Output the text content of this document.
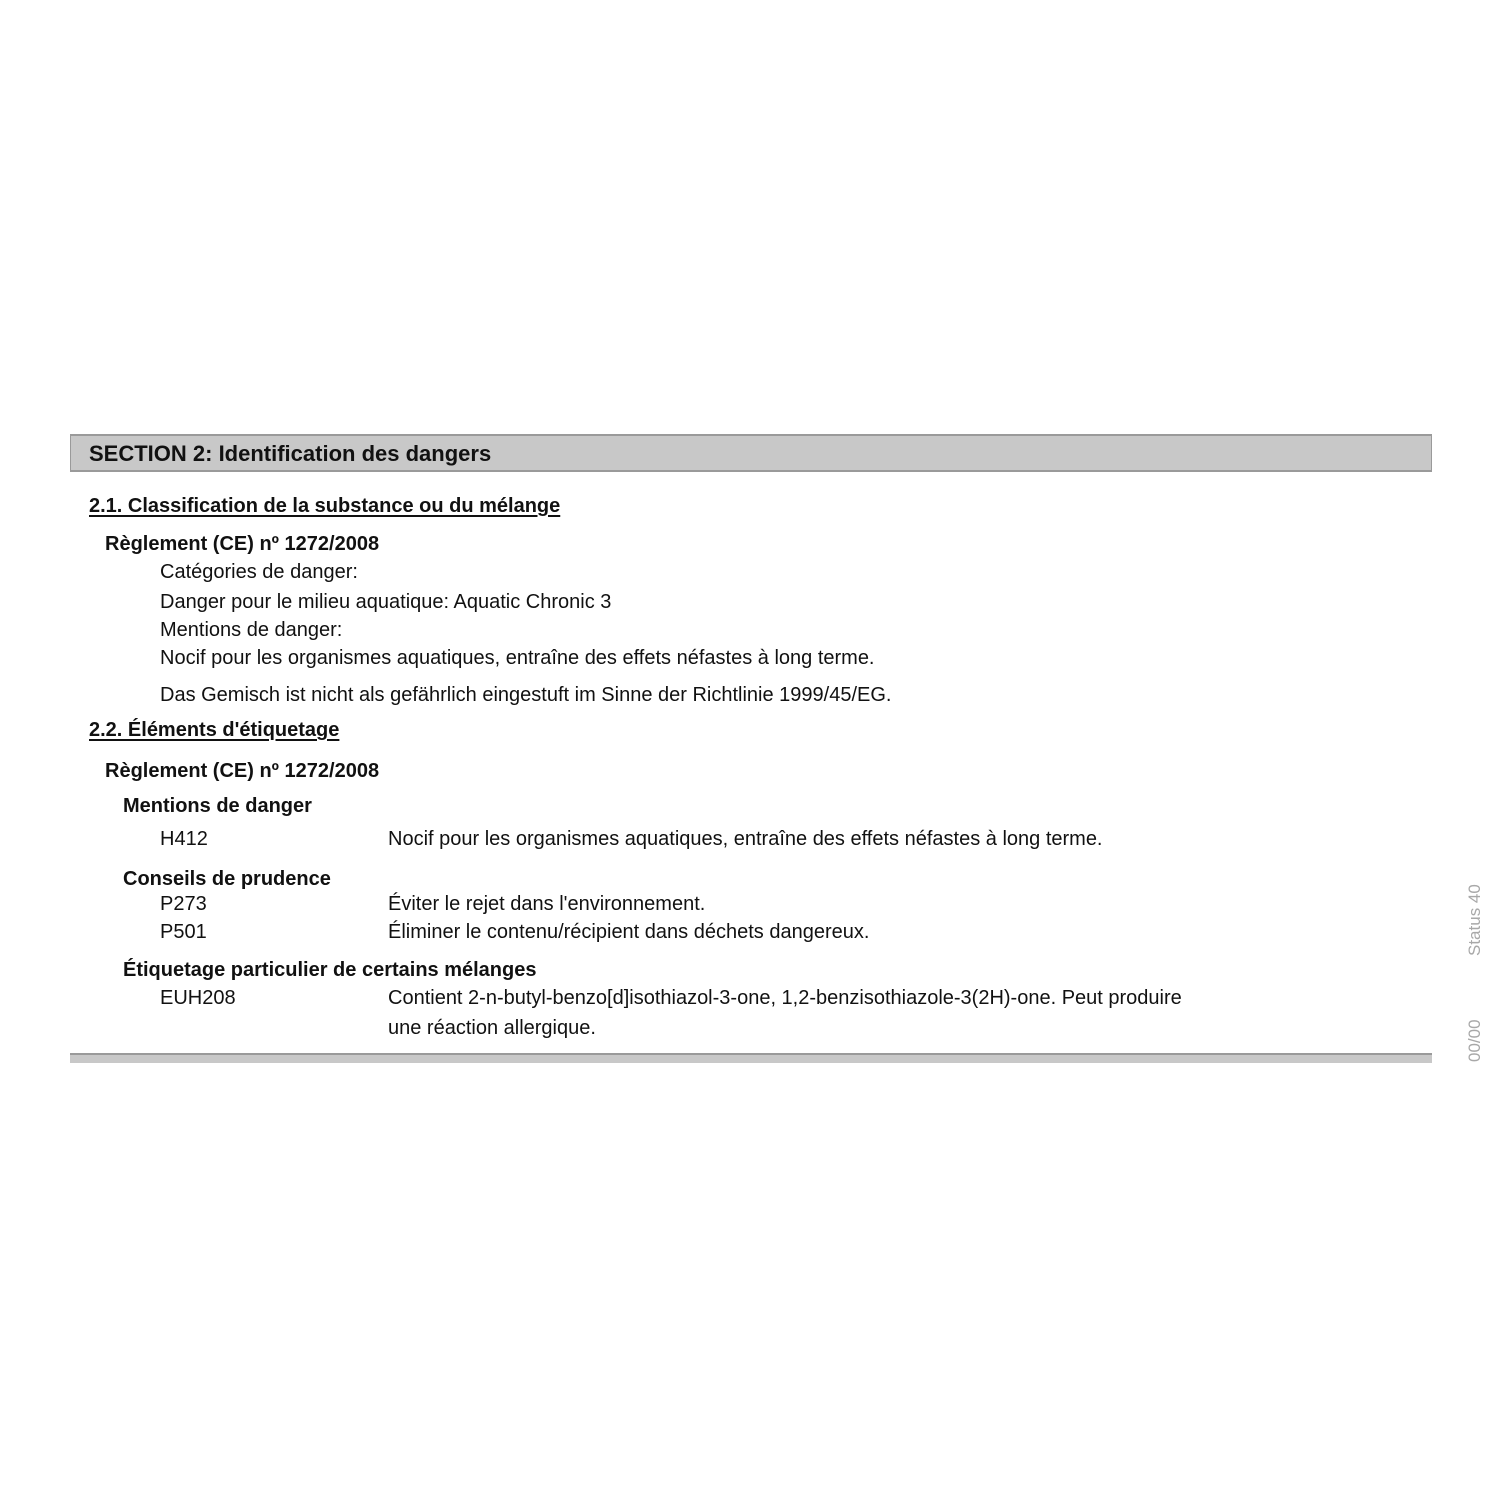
SECTION 2: Identification des dangers
2.1. Classification de la substance ou du mélange
Règlement (CE) nº 1272/2008
Catégories de danger:
Danger pour le milieu aquatique: Aquatic Chronic 3
Mentions de danger:
Nocif pour les organismes aquatiques, entraîne des effets néfastes à long terme.
Das Gemisch ist nicht als gefährlich eingestuft im Sinne der Richtlinie 1999/45/EG.
2.2. Éléments d'étiquetage
Règlement (CE) nº 1272/2008
Mentions de danger
H412	Nocif pour les organismes aquatiques, entraîne des effets néfastes à long terme.
Conseils de prudence
P273	Éviter le rejet dans l'environnement.
P501	Éliminer le contenu/récipient dans déchets dangereux.
Étiquetage particulier de certains mélanges
EUH208	Contient 2-n-butyl-benzo[d]isothiazol-3-one, 1,2-benzisothiazole-3(2H)-one. Peut produire
une réaction allergique.
Status 40
00/00
